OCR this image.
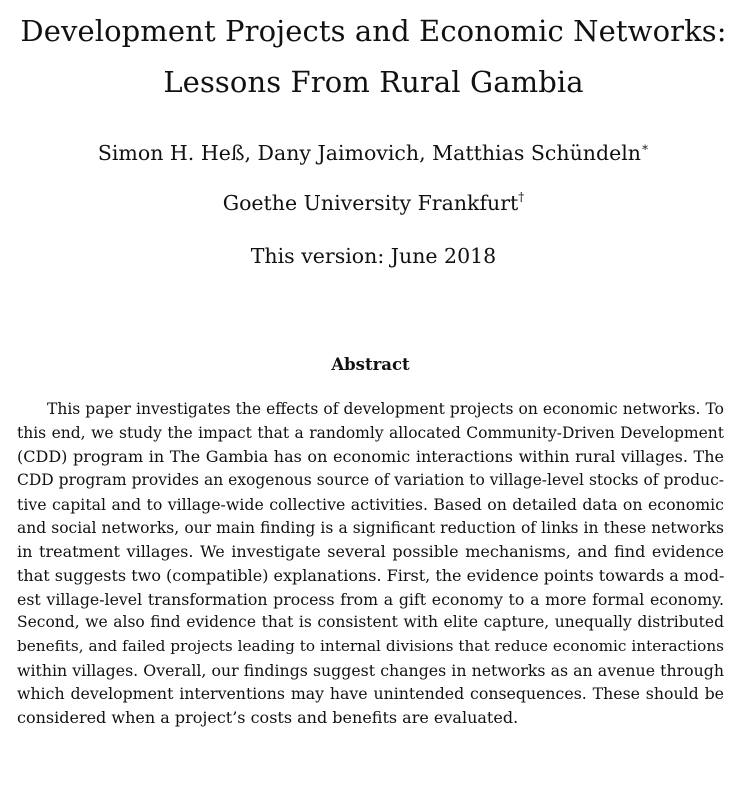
Development Projects and Economic Networks:
Lessons From Rural Gambia
Simon H. Heß, Dany Jaimovich, Matthias Schündeln∗
Goethe University Frankfurt†
This version: June 2018
Abstract
This paper investigates the effects of development projects on economic networks. To
this end, we study the impact that a randomly allocated Community-Driven Development
(CDD) program in The Gambia has on economic interactions within rural villages. The
CDD program provides an exogenous source of variation to village-level stocks of produc-
tive capital and to village-wide collective activities. Based on detailed data on economic
and social networks, our main finding is a significant reduction of links in these networks
in treatment villages. We investigate several possible mechanisms, and find evidence
that suggests two (compatible) explanations. First, the evidence points towards a mod-
est village-level transformation process from a gift economy to a more formal economy.
Second, we also find evidence that is consistent with elite capture, unequally distributed
benefits, and failed projects leading to internal divisions that reduce economic interactions
within villages. Overall, our findings suggest changes in networks as an avenue through
which development interventions may have unintended consequences. These should be
considered when a project’s costs and benefits are evaluated.
